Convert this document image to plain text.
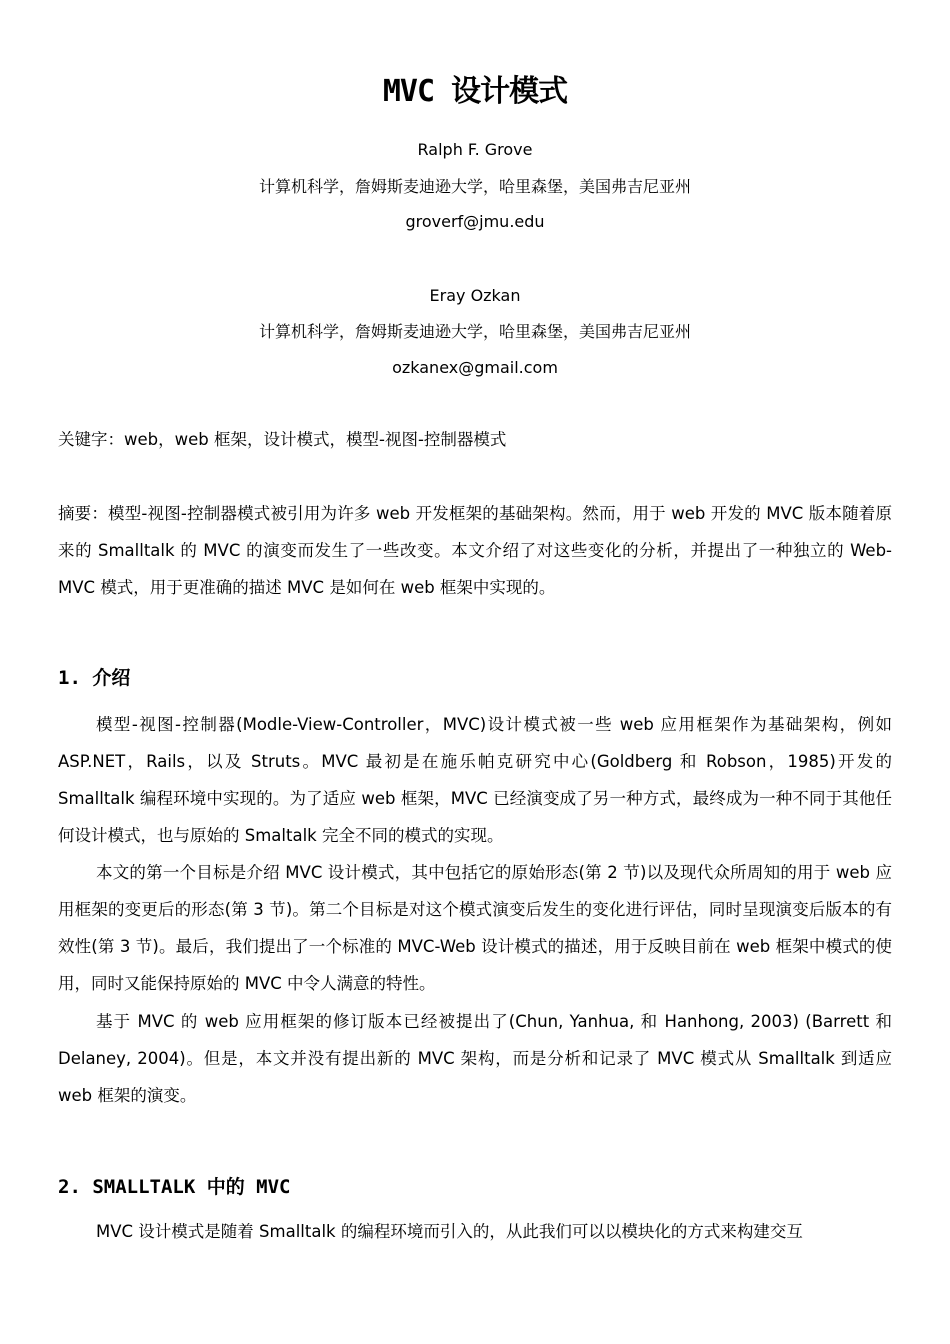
MVC 设计模式
Ralph F. Grove
计算机科学，詹姆斯麦迪逊大学，哈里森堡，美国弗吉尼亚州
groverf@jmu.edu
Eray Ozkan
计算机科学，詹姆斯麦迪逊大学，哈里森堡，美国弗吉尼亚州
ozkanex@gmail.com

关键字：web，web 框架，设计模式，模型-视图-控制器模式

摘要：模型-视图-控制器模式被引用为许多 web 开发框架的基础架构。然而，用于 web 开发的 MVC 版本随着原来的 Smalltalk 的 MVC 的演变而发生了一些改变。本文介绍了对这些变化的分析，并提出了一种独立的 Web-MVC 模式，用于更准确的描述 MVC 是如何在 web 框架中实现的。

1. 介绍

模型-视图-控制器(Modle-View-Controller，MVC)设计模式被一些 web 应用框架作为基础架构，例如 ASP.NET，Rails，以及 Struts。MVC 最初是在施乐帕克研究中心(Goldberg 和 Robson，1985)开发的 Smalltalk 编程环境中实现的。为了适应 web 框架，MVC 已经演变成了另一种方式，最终成为一种不同于其他任何设计模式，也与原始的 Smaltalk 完全不同的模式的实现。

本文的第一个目标是介绍 MVC 设计模式，其中包括它的原始形态(第 2 节)以及现代众所周知的用于 web 应用框架的变更后的形态(第 3 节)。第二个目标是对这个模式演变后发生的变化进行评估，同时呈现演变后版本的有效性(第 3 节)。最后，我们提出了一个标准的 MVC-Web 设计模式的描述，用于反映目前在 web 框架中模式的使用，同时又能保持原始的 MVC 中令人满意的特性。

基于 MVC 的 web 应用框架的修订版本已经被提出了(Chun, Yanhua, 和 Hanhong, 2003) (Barrett 和 Delaney, 2004)。但是，本文并没有提出新的 MVC 架构，而是分析和记录了 MVC 模式从 Smalltalk 到适应 web 框架的演变。

2. SMALLTALK 中的 MVC

MVC 设计模式是随着 Smalltalk 的编程环境而引入的，从此我们可以以模块化的方式来构建交互
